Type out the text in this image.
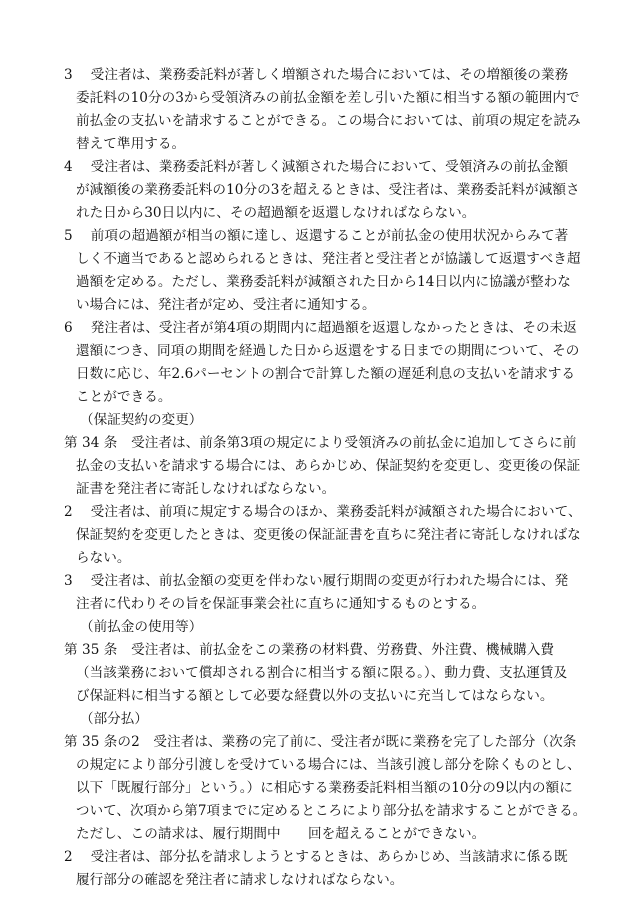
3　 受注者は、業務委託料が著しく増額された場合においては、その増額後の業務
委託料の10分の3から受領済みの前払金額を差し引いた額に相当する額の範囲内で
前払金の支払いを請求することができる。この場合においては、前項の規定を読み
替えて準用する。
4　 受注者は、業務委託料が著しく減額された場合において、受領済みの前払金額
が減額後の業務委託料の10分の3を超えるときは、受注者は、業務委託料が減額さ
れた日から30日以内に、その超過額を返還しなければならない。
5　 前項の超過額が相当の額に達し、返還することが前払金の使用状況からみて著
しく不適当であると認められるときは、発注者と受注者とが協議して返還すべき超
過額を定める。ただし、業務委託料が減額された日から14日以内に協議が整わな
い場合には、発注者が定め、受注者に通知する。
6　 発注者は、受注者が第4項の期間内に超過額を返還しなかったときは、その未返
還額につき、同項の期間を経過した日から返還をする日までの期間について、その
日数に応じ、年2.6パーセントの割合で計算した額の遅延利息の支払いを請求する
ことができる。
（保証契約の変更）
第 34 条　受注者は、前条第3項の規定により受領済みの前払金に追加してさらに前
払金の支払いを請求する場合には、あらかじめ、保証契約を変更し、変更後の保証
証書を発注者に寄託しなければならない。
2　 受注者は、前項に規定する場合のほか、業務委託料が減額された場合において、
保証契約を変更したときは、変更後の保証証書を直ちに発注者に寄託しなければな
らない。
3　 受注者は、前払金額の変更を伴わない履行期間の変更が行われた場合には、発
注者に代わりその旨を保証事業会社に直ちに通知するものとする。
（前払金の使用等）
第 35 条　受注者は、前払金をこの業務の材料費、労務費、外注費、機械購入費
（当該業務において償却される割合に相当する額に限る。）、動力費、支払運賃及
び保証料に相当する額として必要な経費以外の支払いに充当してはならない。
（部分払）
第 35 条の2　受注者は、業務の完了前に、受注者が既に業務を完了した部分（次条
の規定により部分引渡しを受けている場合には、当該引渡し部分を除くものとし、
以下「既履行部分」という。）に相応する業務委託料相当額の10分の9以内の額に
ついて、次項から第7項までに定めるところにより部分払を請求することができる。
ただし、この請求は、履行期間中　　回を超えることができない。
2　 受注者は、部分払を請求しようとするときは、あらかじめ、当該請求に係る既
履行部分の確認を発注者に請求しなければならない。
